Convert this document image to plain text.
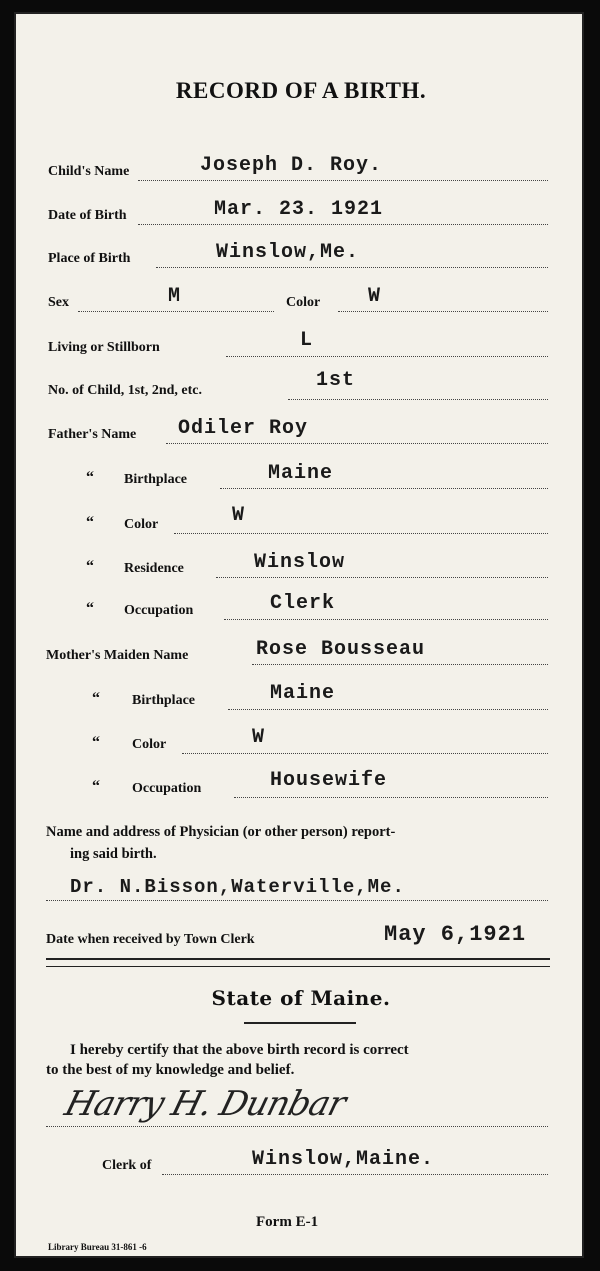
RECORD OF A BIRTH.
Child's Name	Joseph D. Roy.
Date of Birth	Mar. 23. 1921
Place of Birth	Winslow,Me.
Sex	M	Color W
Living or Stillborn	L
No. of Child, 1st, 2nd, etc.	1st
Father's Name Odiler Roy
“ Birthplace	Maine
“ Color	W
“ Residence	Winslow
“ Occupation	Clerk
Mother's Maiden Name	Rose Bousseau
“ Birthplace	Maine
“ Color	W
“ Occupation	Housewife
Name and address of Physician (or other person) report-
ing said birth.
Dr. N.Bisson,Waterville,Me.
Date when received by Town Clerk	May 6,1921
State of Maine.
I hereby certify that the above birth record is correct
to the best of my knowledge and belief.
Harry H. Dunbar
Clerk of	Winslow,Maine.
Form E-1
Library Bureau 31-861 -6
